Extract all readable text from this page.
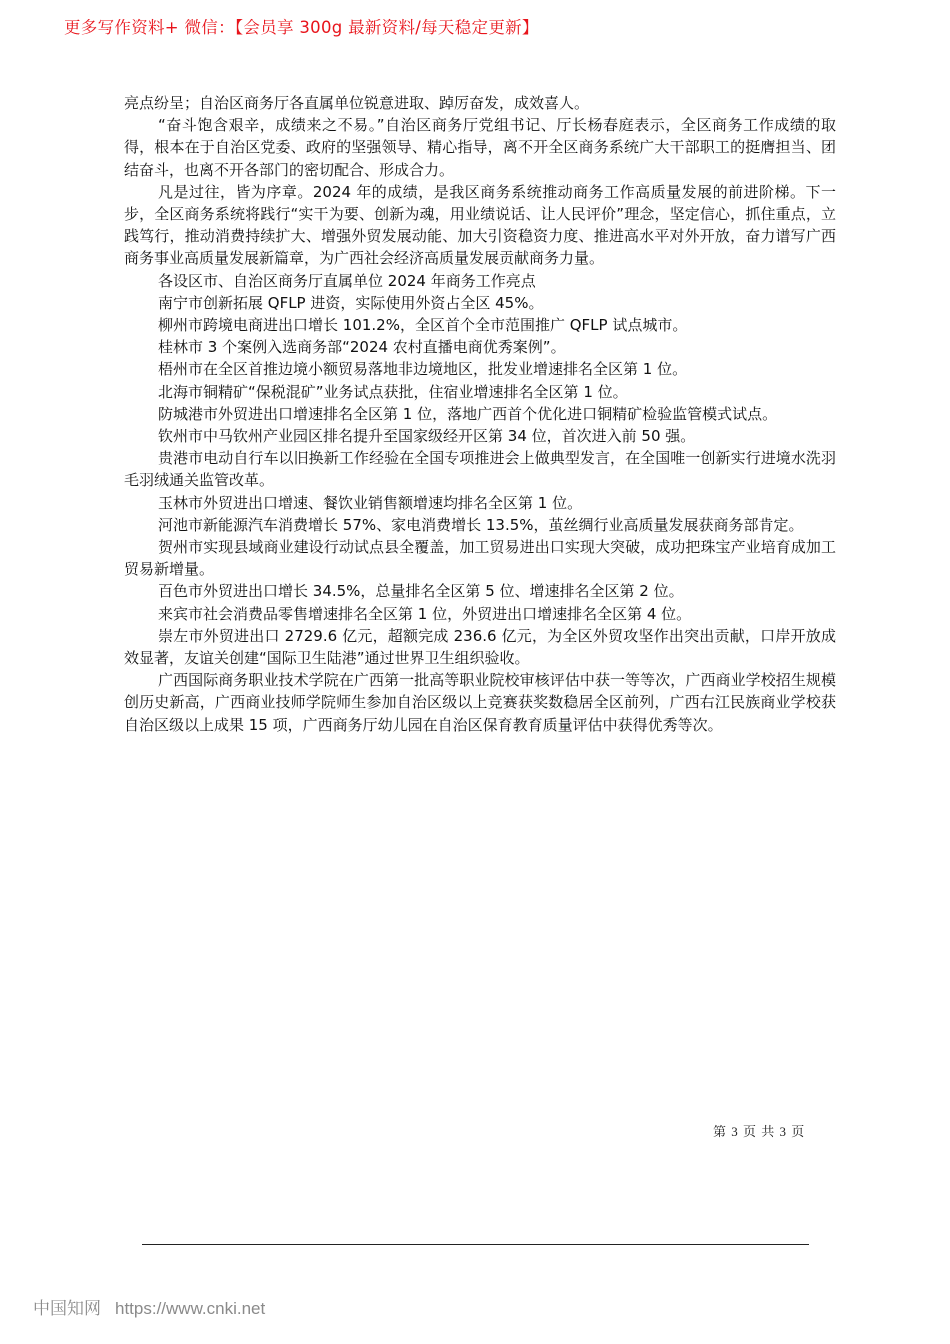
更多写作资料+ 微信：【会员享 300g 最新资料/每天稳定更新】

亮点纷呈；自治区商务厅各直属单位锐意进取、踔厉奋发，成效喜人。

“奋斗饱含艰辛，成绩来之不易。”自治区商务厅党组书记、厅长杨春庭表示，全区商务工作成绩的取得，根本在于自治区党委、政府的坚强领导、精心指导，离不开全区商务系统广大干部职工的挺膺担当、团结奋斗，也离不开各部门的密切配合、形成合力。

凡是过往，皆为序章。2024 年的成绩，是我区商务系统推动商务工作高质量发展的前进阶梯。下一步，全区商务系统将践行“实干为要、创新为魂，用业绩说话、让人民评价”理念，坚定信心，抓住重点，立践笃行，推动消费持续扩大、增强外贸发展动能、加大引资稳资力度、推进高水平对外开放，奋力谱写广西商务事业高质量发展新篇章，为广西社会经济高质量发展贡献商务力量。

各设区市、自治区商务厅直属单位 2024 年商务工作亮点

南宁市创新拓展 QFLP 进资，实际使用外资占全区 45%。

柳州市跨境电商进出口增长 101.2%，全区首个全市范围推广 QFLP 试点城市。

桂林市 3 个案例入选商务部“2024 农村直播电商优秀案例”。

梧州市在全区首推边境小额贸易落地非边境地区，批发业增速排名全区第 1 位。

北海市铜精矿“保税混矿”业务试点获批，住宿业增速排名全区第 1 位。

防城港市外贸进出口增速排名全区第 1 位，落地广西首个优化进口铜精矿检验监管模式试点。

钦州市中马钦州产业园区排名提升至国家级经开区第 34 位，首次进入前 50 强。

贵港市电动自行车以旧换新工作经验在全国专项推进会上做典型发言，在全国唯一创新实行进境水洗羽毛羽绒通关监管改革。

玉林市外贸进出口增速、餐饮业销售额增速均排名全区第 1 位。

河池市新能源汽车消费增长 57%、家电消费增长 13.5%，茧丝绸行业高质量发展获商务部肯定。

贺州市实现县域商业建设行动试点县全覆盖，加工贸易进出口实现大突破，成功把珠宝产业培育成加工贸易新增量。

百色市外贸进出口增长 34.5%，总量排名全区第 5 位、增速排名全区第 2 位。

来宾市社会消费品零售增速排名全区第 1 位，外贸进出口增速排名全区第 4 位。

崇左市外贸进出口 2729.6 亿元，超额完成 236.6 亿元，为全区外贸攻坚作出突出贡献，口岸开放成效显著，友谊关创建“国际卫生陆港”通过世界卫生组织验收。

广西国际商务职业技术学院在广西第一批高等职业院校审核评估中获一等等次，广西商业学校招生规模创历史新高，广西商业技师学院师生参加自治区级以上竞赛获奖数稳居全区前列，广西右江民族商业学校获自治区级以上成果 15 项，广西商务厅幼儿园在自治区保育教育质量评估中获得优秀等次。

第 3 页 共 3 页
中国知网 https://www.cnki.net
